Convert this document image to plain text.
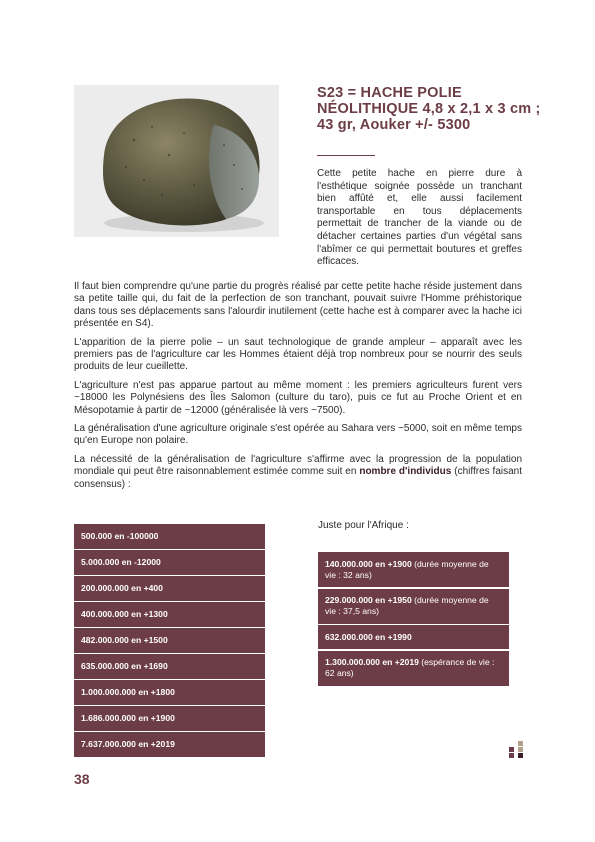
S23 = HACHE POLIE NÉOLITHIQUE 4,8 x 2,1 x 3 cm ; 43 gr, Aouker +/- 5300

Cette petite hache en pierre dure à l'esthétique soignée possède un tranchant bien affûté et, elle aussi facilement transportable en tous déplacements permettait de trancher de la viande ou de détacher certaines parties d'un végétal sans l'abîmer ce qui permettait boutures et greffes efficaces.

Il faut bien comprendre qu'une partie du progrès réalisé par cette petite hache réside justement dans sa petite taille qui, du fait de la perfection de son tranchant, pouvait suivre l'Homme préhistorique dans tous ses déplacements sans l'alourdir inutilement (cette hache est à comparer avec la hache ici présentée en S4).

L'apparition de la pierre polie – un saut technologique de grande ampleur – apparaît avec les premiers pas de l'agriculture car les Hommes étaient déjà trop nombreux pour se nourrir des seuls produits de leur cueillette.

L'agriculture n'est pas apparue partout au même moment : les premiers agriculteurs furent vers ~18000 les Polynésiens des Îles Salomon (culture du taro), puis ce fut au Proche Orient et en Mésopotamie à partir de ~12000 (généralisée là vers ~7500).

La généralisation d'une agriculture originale s'est opérée au Sahara vers ~5000, soit en même temps qu'en Europe non polaire.

La nécessité de la généralisation de l'agriculture s'affirme avec la progression de la population mondiale qui peut être raisonnablement estimée comme suit en nombre d'individus (chiffres faisant consensus) :

500.000 en -100000
5.000.000 en -12000
200.000.000 en +400
400.000.000 en +1300
482.000.000 en +1500
635.000.000 en +1690
1.000.000.000 en +1800
1.686.000.000 en +1900
7.637.000.000 en +2019

Juste pour l'Afrique :

140.000.000 en +1900 (durée moyenne de vie : 32 ans)
229.000.000 en +1950 (durée moyenne de vie : 37,5 ans)
632.000.000 en +1990
1.300.000.000 en +2019 (espérance de vie : 62 ans)

38
